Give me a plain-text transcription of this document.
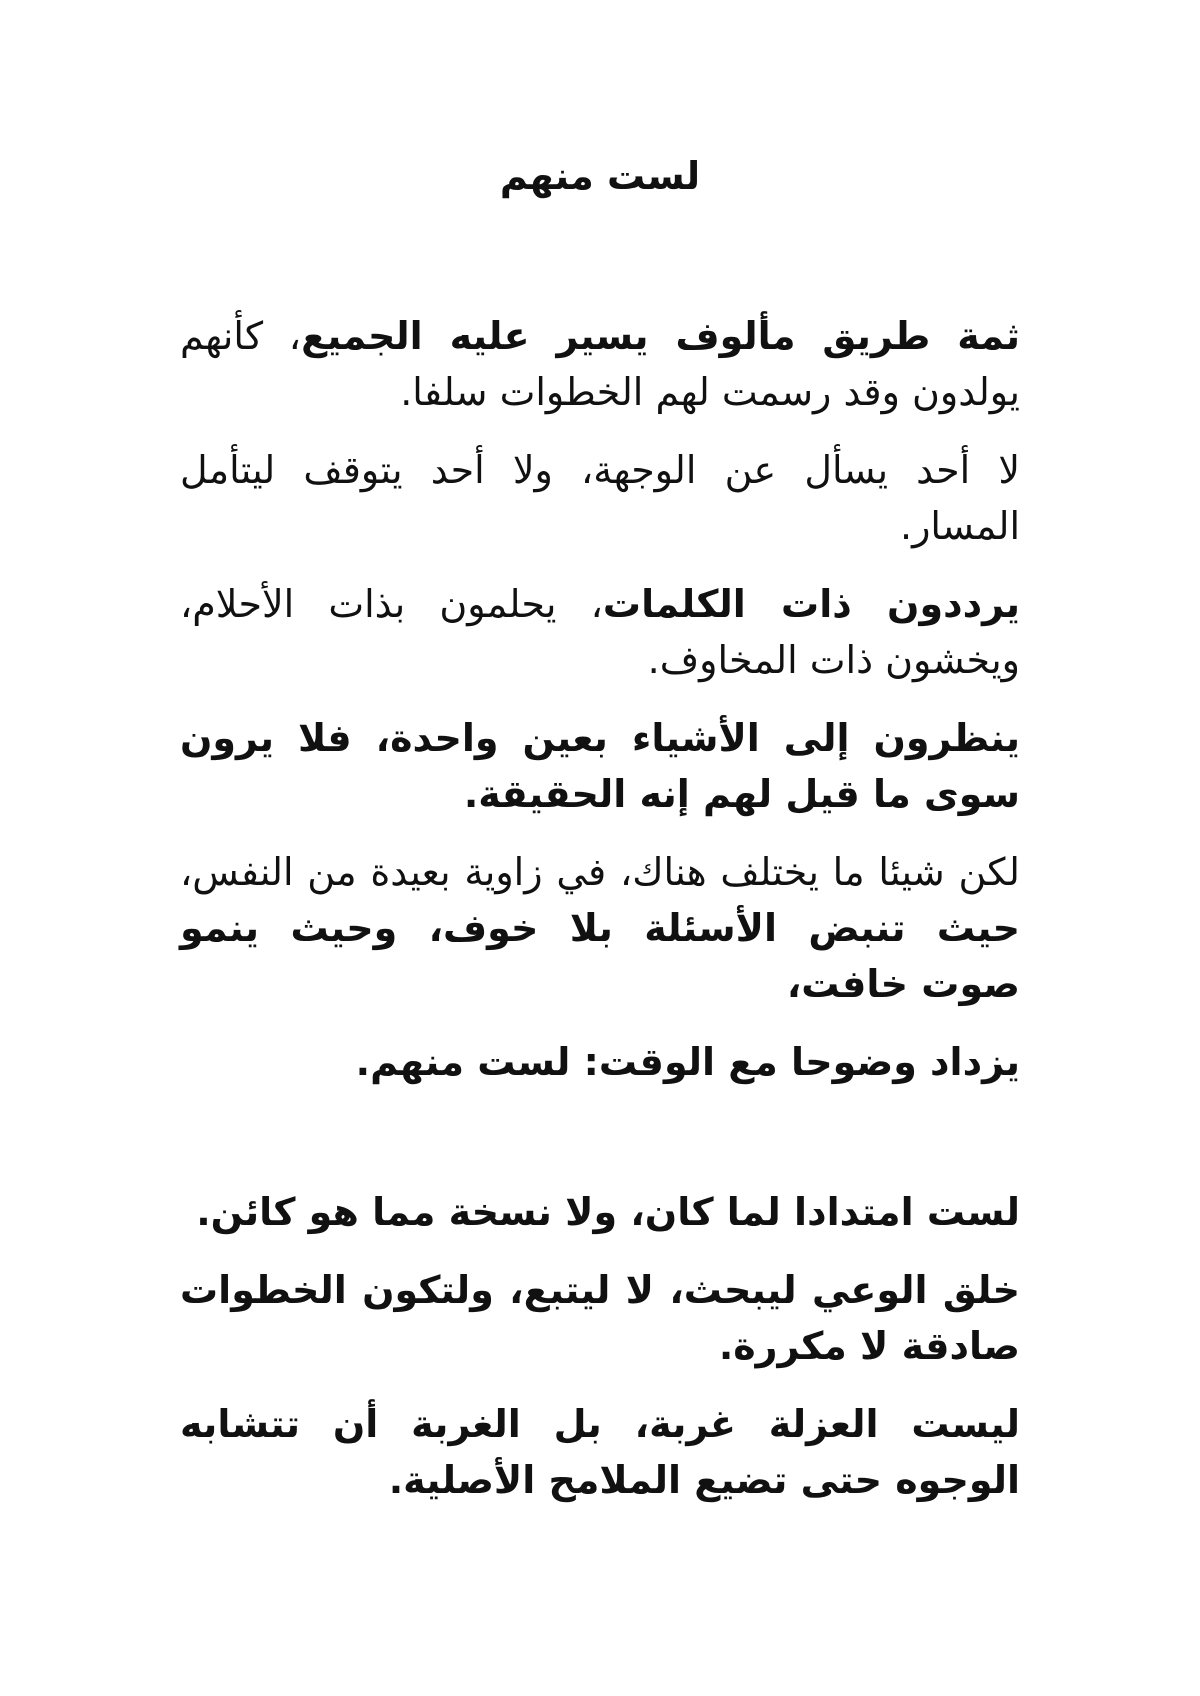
لست منهم

ثمة طريق مألوف يسير عليه الجميع، كأنهم يولدون وقد رسمت لهم الخطوات سلفا.

لا أحد يسأل عن الوجهة، ولا أحد يتوقف ليتأمل المسار.

يرددون ذات الكلمات، يحلمون بذات الأحلام، ويخشون ذات المخاوف.

ينظرون إلى الأشياء بعين واحدة، فلا يرون سوى ما قيل لهم إنه الحقيقة.

لكن شيئا ما يختلف هناك، في زاوية بعيدة من النفس، حيث تنبض الأسئلة بلا خوف، وحيث ينمو صوت خافت،

يزداد وضوحا مع الوقت: لست منهم.

لست امتدادا لما كان، ولا نسخة مما هو كائن.

خلق الوعي ليبحث، لا ليتبع، ولتكون الخطوات صادقة لا مكررة.

ليست العزلة غربة، بل الغربة أن تتشابه الوجوه حتى تضيع الملامح الأصلية.
